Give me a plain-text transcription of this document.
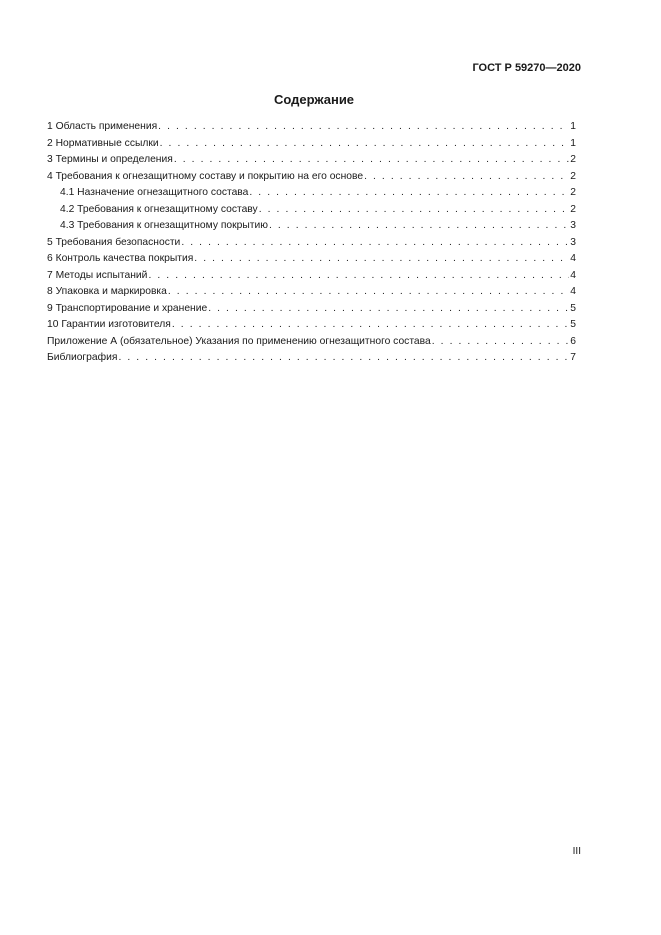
ГОСТ Р 59270—2020
Содержание
1 Область применения . . .	1
2 Нормативные ссылки . . .	1
3 Термины и определения . . .	2
4 Требования к огнезащитному составу и покрытию на его основе . . .	2
4.1 Назначение огнезащитного состава . . .	2
4.2 Требования к огнезащитному составу . . .	2
4.3 Требования к огнезащитному покрытию . . .	3
5 Требования безопасности . . .	3
6 Контроль качества покрытия . . .	4
7 Методы испытаний . . .	4
8 Упаковка и маркировка . . .	4
9 Транспортирование и хранение . . .	5
10 Гарантии изготовителя . . .	5
Приложение А (обязательное) Указания по применению огнезащитного состава . . .	6
Библиография . . .	7
III
